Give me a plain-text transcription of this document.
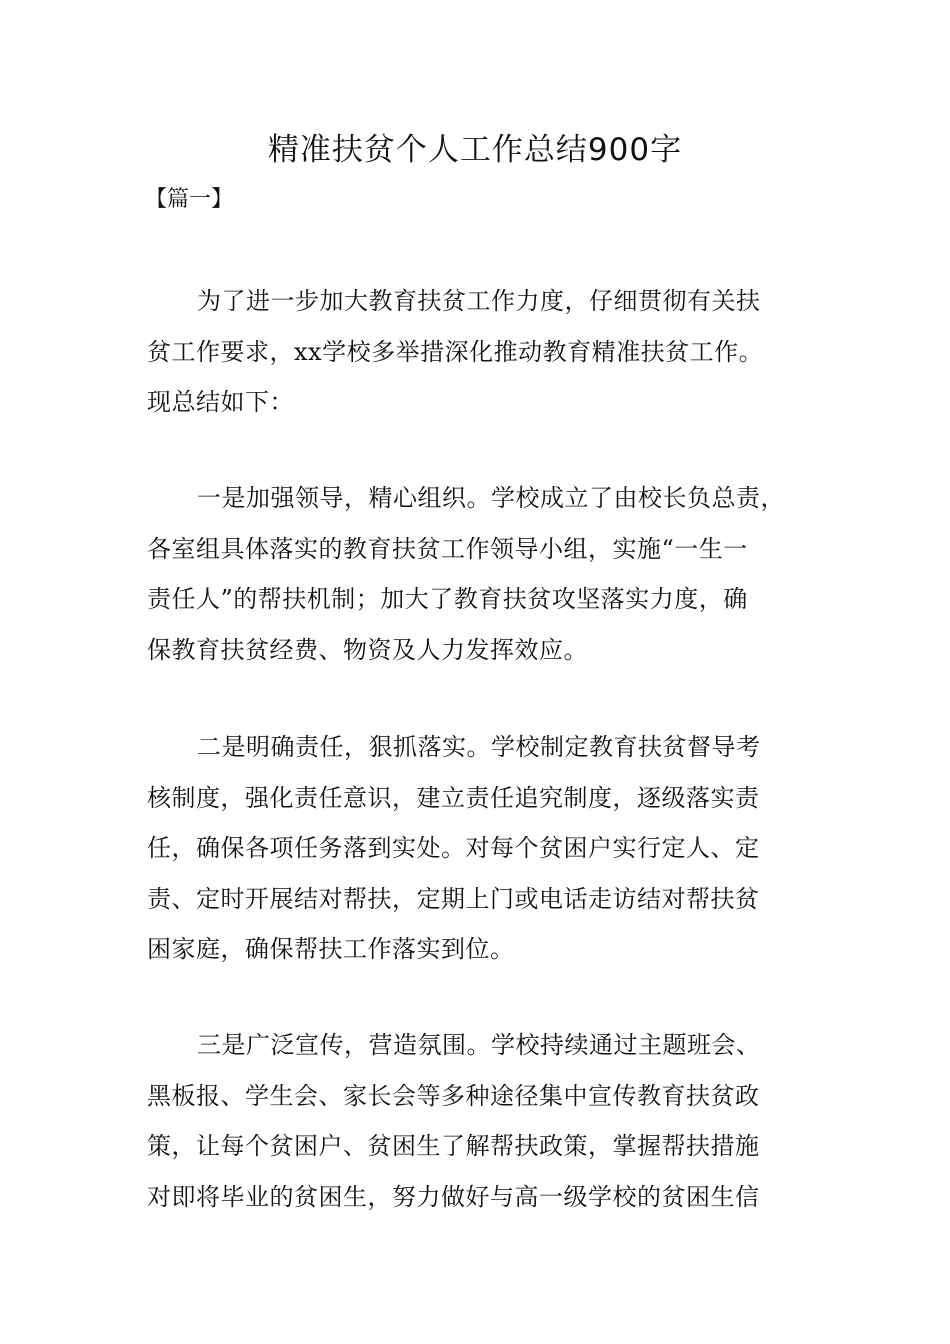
精准扶贫个人工作总结900字

【篇一】

为了进一步加大教育扶贫工作力度，仔细贯彻有关扶
贫工作要求，xx学校多举措深化推动教育精准扶贫工作。
现总结如下：
一是加强领导，精心组织。学校成立了由校长负总责，
各室组具体落实的教育扶贫工作领导小组，实施“一生一
责任人”的帮扶机制；加大了教育扶贫攻坚落实力度，确
保教育扶贫经费、物资及人力发挥效应。
二是明确责任，狠抓落实。学校制定教育扶贫督导考
核制度，强化责任意识，建立责任追究制度，逐级落实责
任，确保各项任务落到实处。对每个贫困户实行定人、定
责、定时开展结对帮扶，定期上门或电话走访结对帮扶贫
困家庭，确保帮扶工作落实到位。
三是广泛宣传，营造氛围。学校持续通过主题班会、
黑板报、学生会、家长会等多种途径集中宣传教育扶贫政
策，让每个贫困户、贫困生了解帮扶政策，掌握帮扶措施
对即将毕业的贫困生，努力做好与高一级学校的贫困生信
